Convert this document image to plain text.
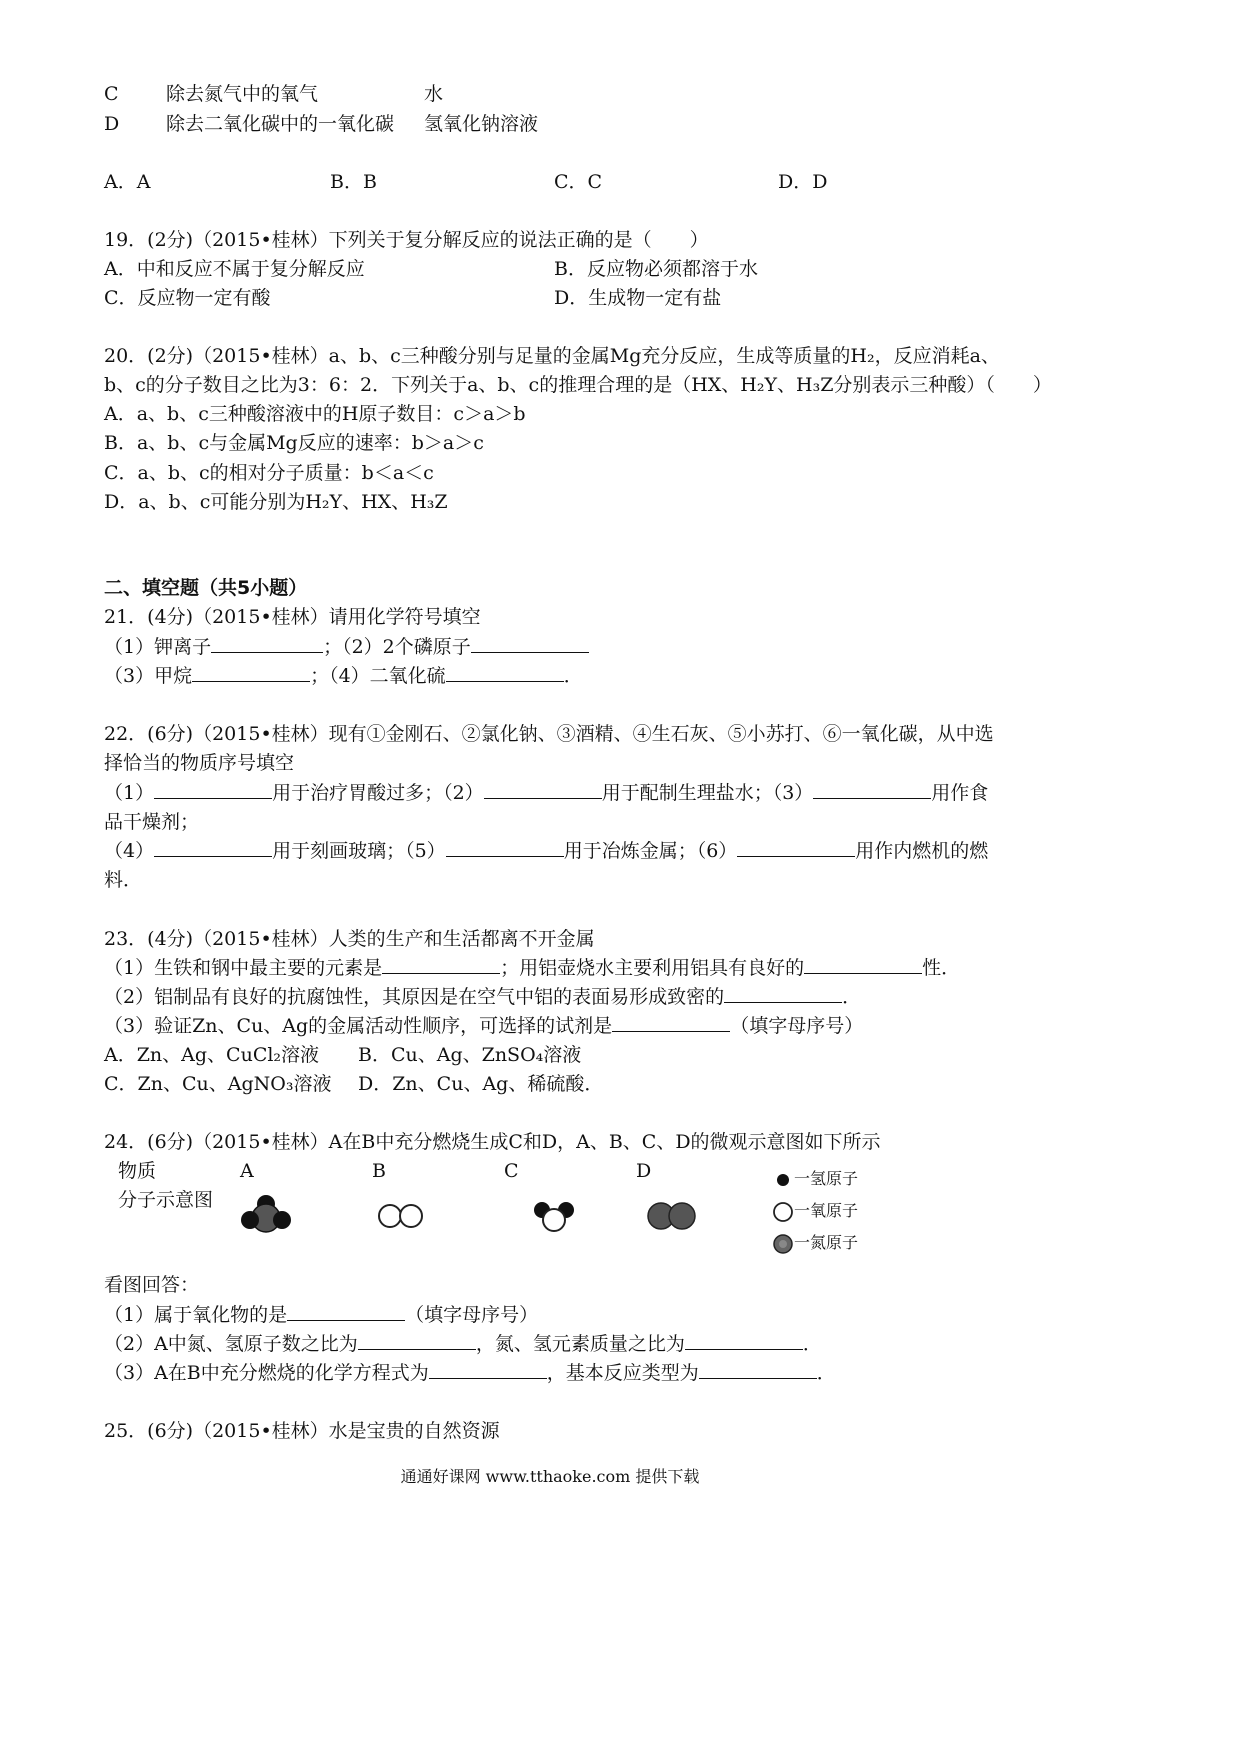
C 除去氮气中的氧气	水
D 除去二氧化碳中的一氧化碳 氢氧化钠溶液
A．A	B．B	C．C	D．D
19．(2分)（2015•桂林）下列关于复分解反应的说法正确的是（　　）
A．中和反应不属于复分解反应	B．反应物必须都溶于水
C．反应物一定有酸	D．生成物一定有盐
20．(2分)（2015•桂林）a、b、c三种酸分别与足量的金属Mg充分反应，生成等质量的H₂，反应消耗a、
b、c的分子数目之比为3：6：2．下列关于a、b、c的推理合理的是（HX、H₂Y、H₃Z分别表示三种酸）（　　）
A．a、b、c三种酸溶液中的H原子数目：c＞a＞b
B．a、b、c与金属Mg反应的速率：b＞a＞c
C．a、b、c的相对分子质量：b＜a＜c
D．a、b、c可能分别为H₂Y、HX、H₃Z
二、填空题（共5小题）
21．(4分)（2015•桂林）请用化学符号填空
（1）钾离子	；（2）2个磷原子
（3）甲烷	；（4）二氧化硫	．
22．(6分)（2015•桂林）现有①金刚石、②氯化钠、③酒精、④生石灰、⑤小苏打、⑥一氧化碳，从中选
择恰当的物质序号填空
（1）	用于治疗胃酸过多；（2）	用于配制生理盐水；（3）	用作食
品干燥剂；
（4）	用于刻画玻璃；（5）	用于冶炼金属；（6）	用作内燃机的燃
料．
23．(4分)（2015•桂林）人类的生产和生活都离不开金属
（1）生铁和钢中最主要的元素是	；用铝壶烧水主要利用铝具有良好的	性．
（2）铝制品有良好的抗腐蚀性，其原因是在空气中铝的表面易形成致密的	．
（3）验证Zn、Cu、Ag的金属活动性顺序，可选择的试剂是	（填字母序号）
A．Zn、Ag、CuCl₂溶液 B．Cu、Ag、ZnSO₄溶液
C．Zn、Cu、AgNO₃溶液 D．Zn、Cu、Ag、稀硫酸．
24．(6分)（2015•桂林）A在B中充分燃烧生成C和D，A、B、C、D的微观示意图如下所示
物质
分子示意图
A	B	C	D	一氢原子
一氧原子
一氮原子
看图回答：
（1）属于氧化物的是	（填字母序号）
（2）A中氮、氢原子数之比为	，氮、氢元素质量之比为	．
（3）A在B中充分燃烧的化学方程式为	，基本反应类型为	．
25．(6分)（2015•桂林）水是宝贵的自然资源
通通好课网 www.tthaoke.com 提供下载
